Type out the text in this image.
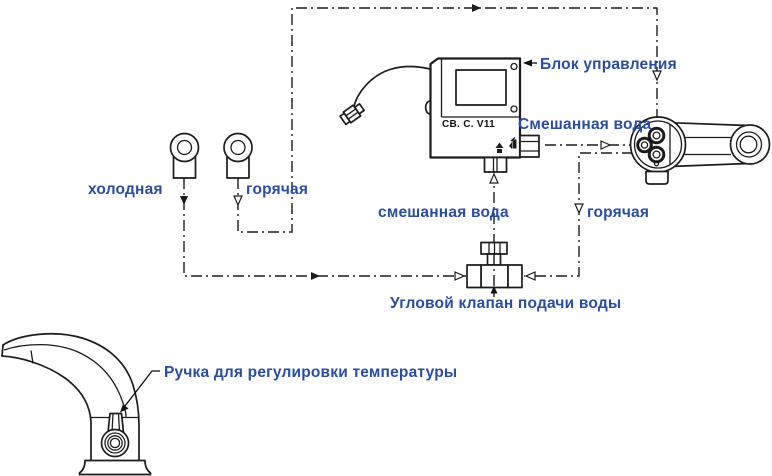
CB. C. V11
холодная	горячая
Блок управления
Смешанная вода
смешанная вода	горячая
Угловой клапан подачи воды
Ручка для регулировки температуры
